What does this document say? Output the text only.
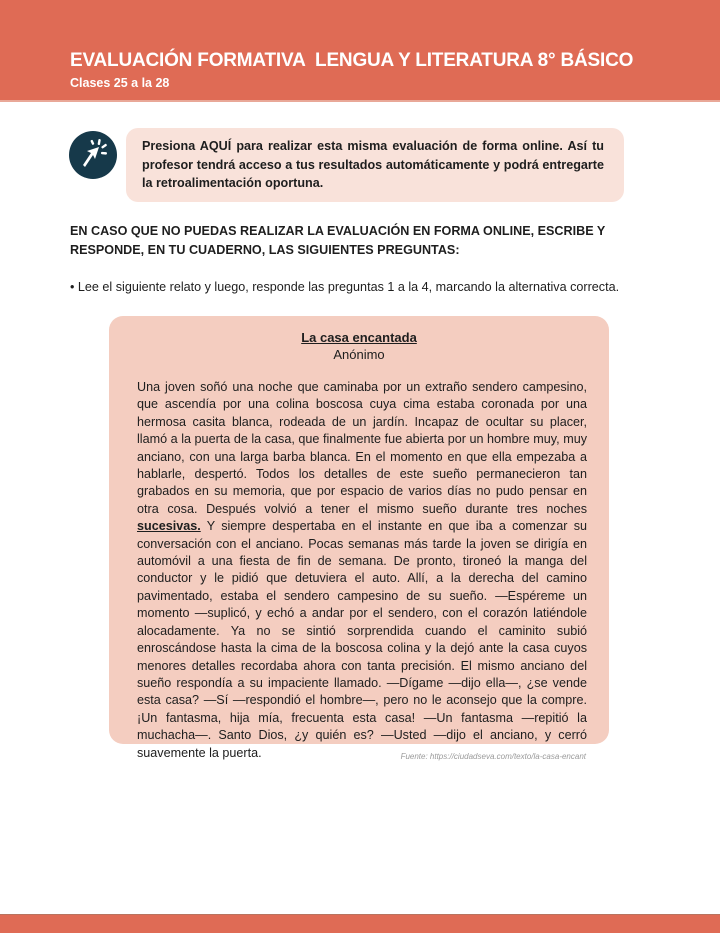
EVALUACIÓN FORMATIVA  LENGUA Y LITERATURA 8° BÁSICO
Clases 25 a la 28
Presiona AQUÍ para realizar esta misma evaluación de forma online. Así tu profesor tendrá acceso a tus resultados automáticamente y podrá entregarte la retroalimentación oportuna.
EN CASO QUE NO PUEDAS REALIZAR LA EVALUACIÓN EN FORMA ONLINE, ESCRIBE Y RESPONDE, EN TU CUADERNO, LAS SIGUIENTES PREGUNTAS:
• Lee el siguiente relato y luego, responde las preguntas 1 a la 4, marcando la alternativa correcta.
La casa encantada
Anónimo

Una joven soñó una noche que caminaba por un extraño sendero campesino, que ascendía por una colina boscosa cuya cima estaba coronada por una hermosa casita blanca, rodeada de un jardín. Incapaz de ocultar su placer, llamó a la puerta de la casa, que finalmente fue abierta por un hombre muy, muy anciano, con una larga barba blanca. En el momento en que ella empezaba a hablarle, despertó. Todos los detalles de este sueño permanecieron tan grabados en su memoria, que por espacio de varios días no pudo pensar en otra cosa. Después volvió a tener el mismo sueño durante tres noches sucesivas. Y siempre despertaba en el instante en que iba a comenzar su conversación con el anciano. Pocas semanas más tarde la joven se dirigía en automóvil a una fiesta de fin de semana. De pronto, tironeó la manga del conductor y le pidió que detuviera el auto. Allí, a la derecha del camino pavimentado, estaba el sendero campesino de su sueño. —Espéreme un momento —suplicó, y echó a andar por el sendero, con el corazón latiéndole alocadamente. Ya no se sintió sorprendida cuando el caminito subió enroscándose hasta la cima de la boscosa colina y la dejó ante la casa cuyos menores detalles recordaba ahora con tanta precisión. El mismo anciano del sueño respondía a su impaciente llamado. —Dígame —dijo ella—, ¿se vende esta casa? —Sí —respondió el hombre—, pero no le aconsejo que la compre. ¡Un fantasma, hija mía, frecuenta esta casa! —Un fantasma —repitió la muchacha—. Santo Dios, ¿y quién es? —Usted —dijo el anciano, y cerró suavemente la puerta.	Fuente: https://ciudadseva.com/texto/la-casa-encant
